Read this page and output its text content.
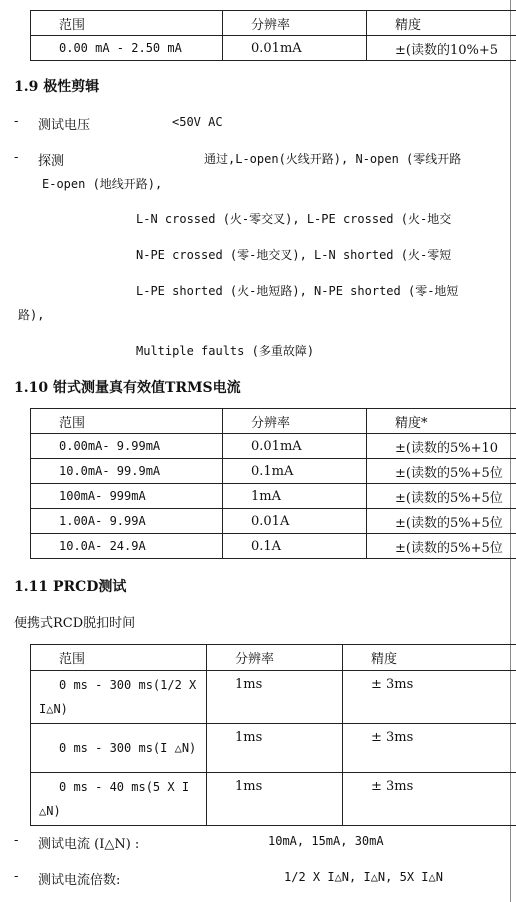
范围	分辨率	精度
0.00 mA - 2.50 mA	0.01mA	±(读数的10%+5
1.9 极性剪辑
- 测试电压	<50V AC
- 探测	通过,L-open(火线开路), N-open (零线开路
E-open (地线开路),
L-N crossed (火-零交叉), L-PE crossed (火-地交
N-PE crossed (零-地交叉), L-N shorted (火-零短
L-PE shorted (火-地短路), N-PE shorted (零-地短
路),
Multiple faults (多重故障)
1.10 钳式测量真有效值TRMS电流
范围	分辨率	精度*
0.00mA- 9.99mA	0.01mA	±(读数的5%+10
10.0mA- 99.9mA	0.1mA	±(读数的5%+5位
100mA- 999mA	1mA	±(读数的5%+5位
1.00A- 9.99A	0.01A	±(读数的5%+5位
10.0A- 24.9A	0.1A	±(读数的5%+5位
1.11 PRCD测试
便携式RCD脱扣时间
范围	分辨率	精度
0 ms - 300 ms(1/2 X I△N)	1ms	± 3ms
0 ms - 300 ms(I △N)	1ms	± 3ms
0 ms - 40 ms(5 X I △N)	1ms	± 3ms
- 测试电流 (I△N) :	10mA, 15mA, 30mA
- 测试电流倍数:	1/2 X I△N, I△N, 5X I△N
